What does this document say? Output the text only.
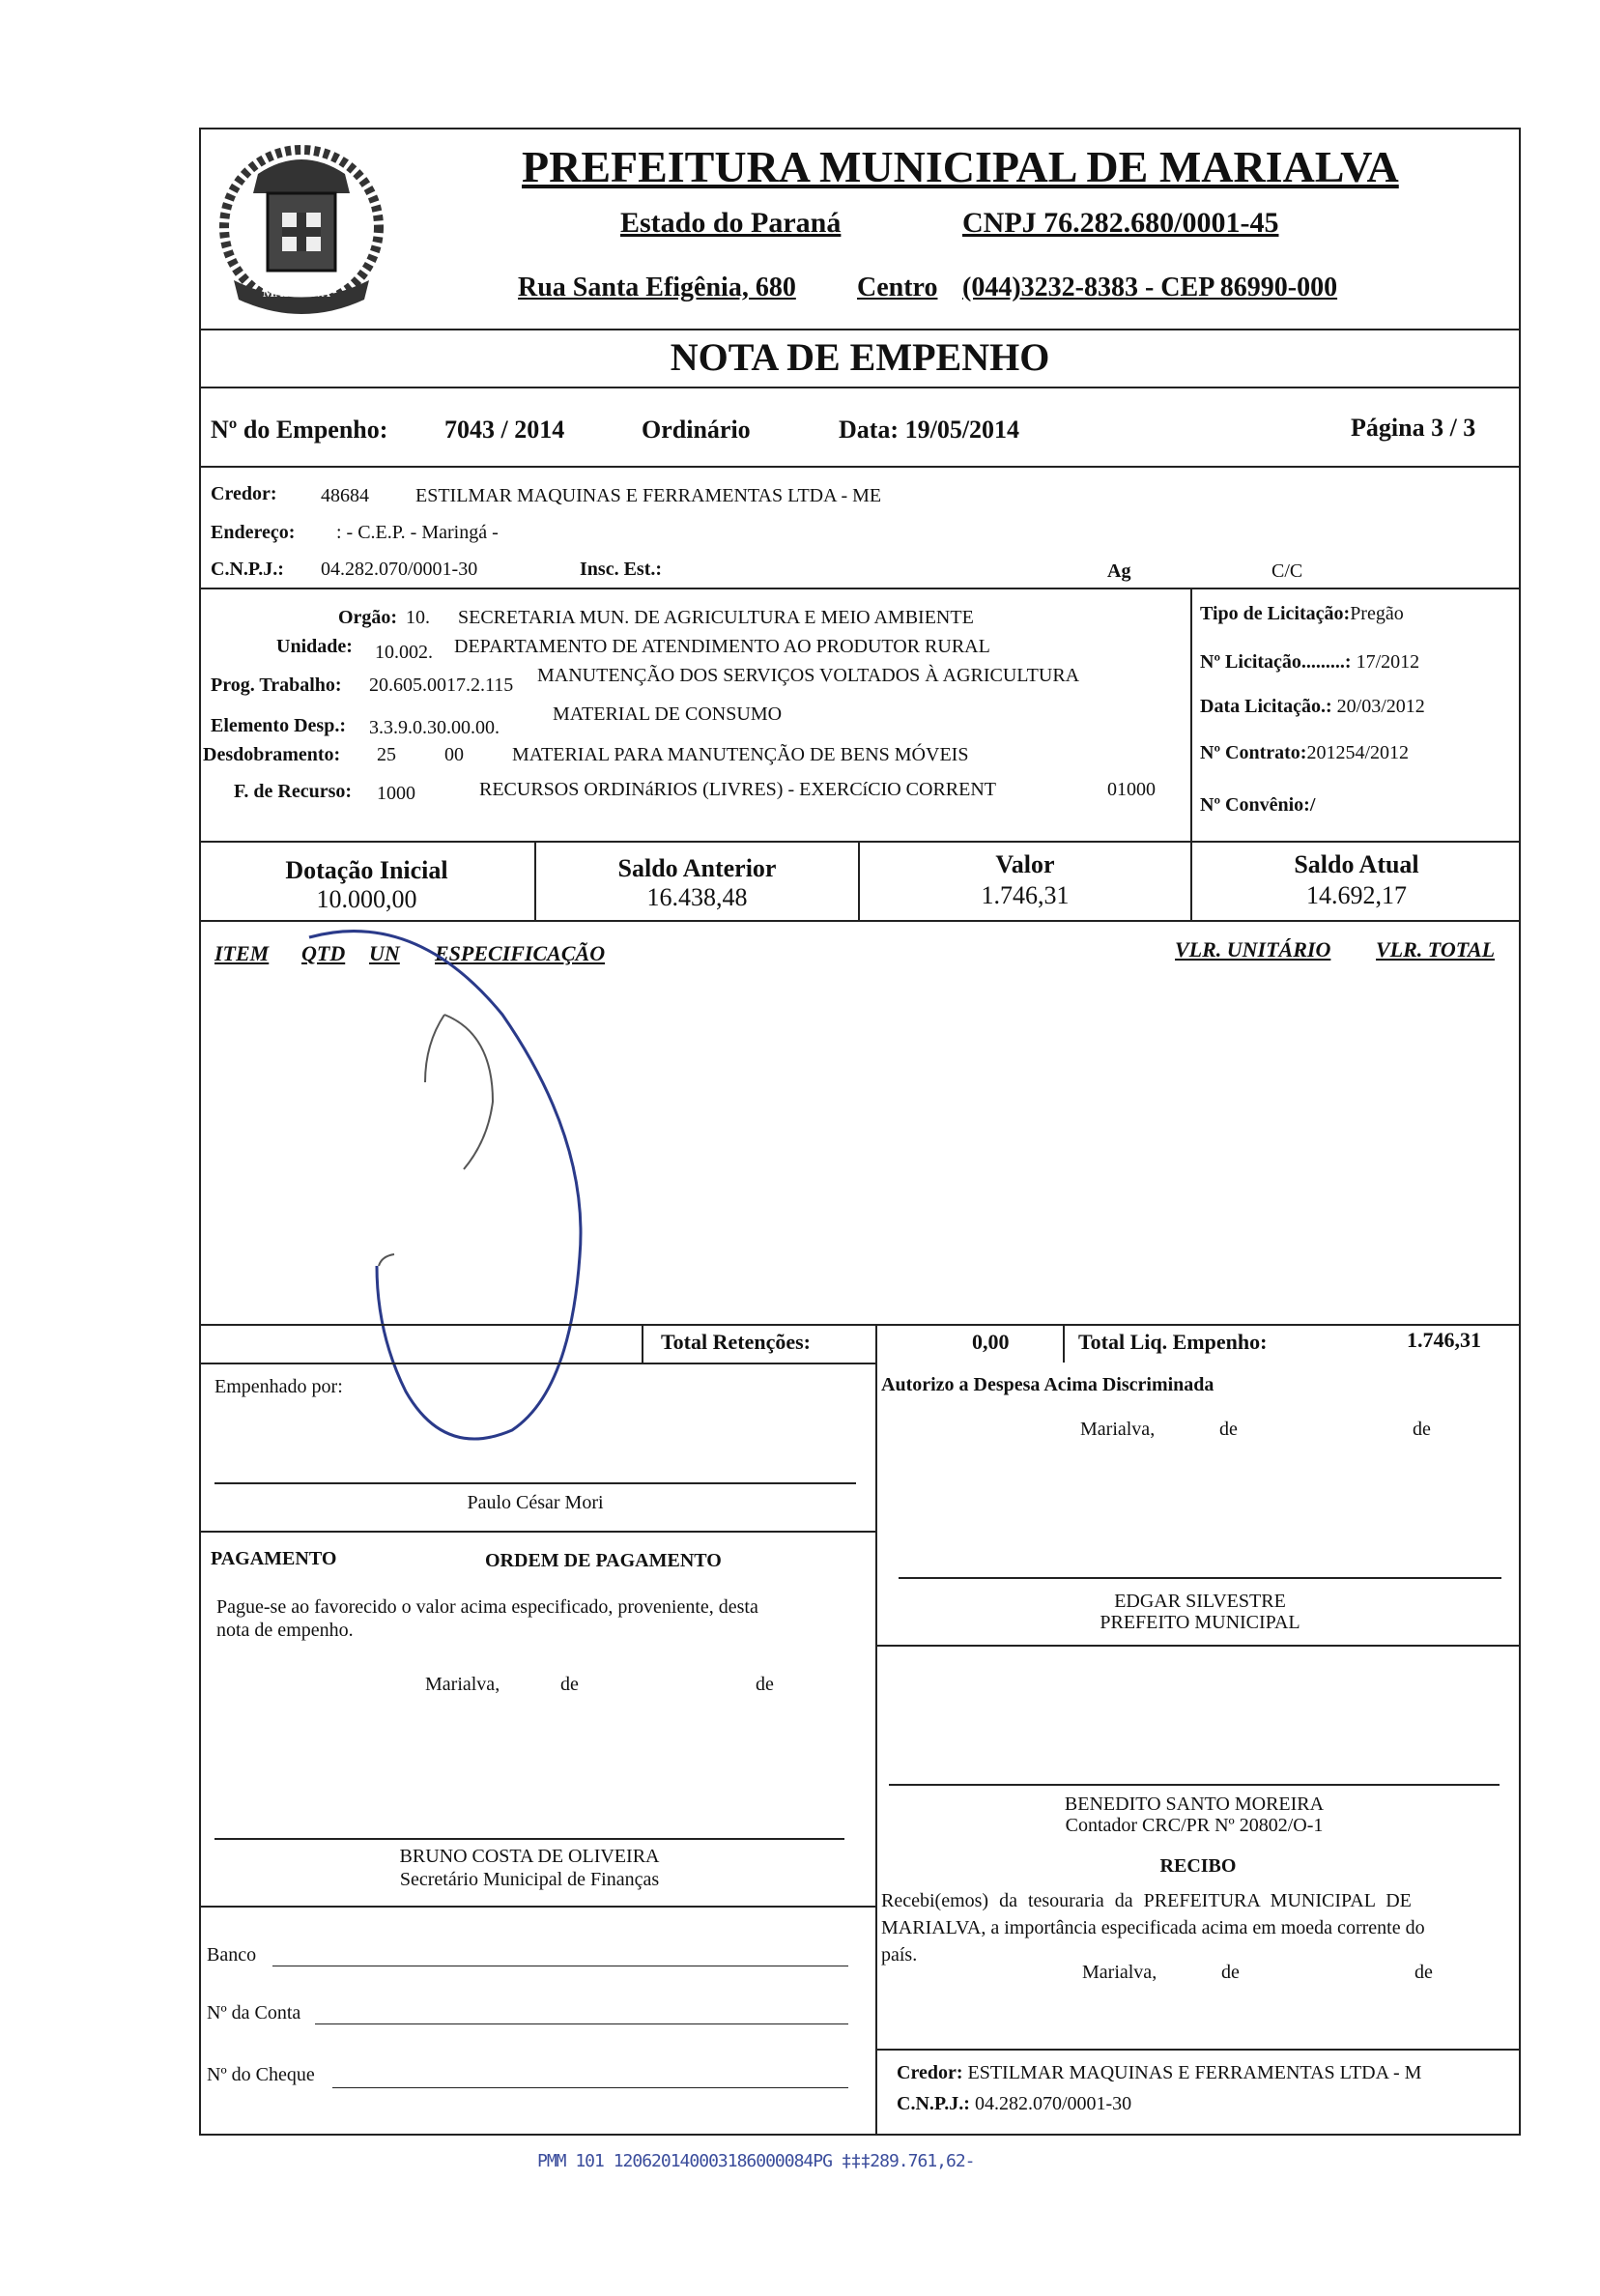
MARIALVA
PREFEITURA MUNICIPAL DE MARIALVA
Estado do Paraná	CNPJ 76.282.680/0001-45
Rua Santa Efigênia, 680 Centro (044)3232-8383 - CEP 86990-000
NOTA DE EMPENHO
Nº do Empenho: 7043 / 2014	Ordinário	Data: 19/05/2014	Página 3 / 3
Credor: 48684 ESTILMAR MAQUINAS E FERRAMENTAS LTDA - ME
Endereço: : - C.E.P. - Maringá -
C.N.P.J.: 04.282.070/0001-30	Insc. Est.:	Ag	C/C
Orgão: 10. SECRETARIA MUN. DE AGRICULTURA E MEIO AMBIENTE
Unidade: 10.002. DEPARTAMENTO DE ATENDIMENTO AO PRODUTOR RURAL
Prog. Trabalho: 20.605.0017.2.115 MANUTENÇÃO DOS SERVIÇOS VOLTADOS À AGRICULTURA
Elemento Desp.: 3.3.9.0.30.00.00.
MATERIAL DE CONSUMO
Desdobramento: 25	00	MATERIAL PARA MANUTENÇÃO DE BENS MÓVEIS
F. de Recurso: 1000	RECURSOS ORDINáRIOS (LIVRES) - EXERCíCIO CORRENT	01000
Tipo de Licitação:Pregão
Nº Licitação.........: 17/2012
Data Licitação.: 20/03/2012
Nº Contrato:201254/2012
Nº Convênio:/
Dotação Inicial
10.000,00
Saldo Anterior
16.438,48
Valor
1.746,31
Saldo Atual
14.692,17
ITEM QTD UN ESPECIFICAÇÃO	VLR. UNITÁRIO VLR. TOTAL
Total Retenções:	0,00	Total Liq. Empenho:	1.746,31
Empenhado por:
Paulo César Mori
Autorizo a Despesa Acima Discriminada
Marialva,	de	de
EDGAR SILVESTRE
PREFEITO MUNICIPAL
PAGAMENTO	ORDEM DE PAGAMENTO
Pague-se ao favorecido o valor acima especificado, proveniente, desta
nota de empenho.
Marialva,	de	de
BRUNO COSTA DE OLIVEIRA
Secretário Municipal de Finanças
BENEDITO SANTO MOREIRA
Contador CRC/PR Nº 20802/O-1
RECIBO
Recebi(emos) da tesouraria da PREFEITURA MUNICIPAL DE
MARIALVA, a importância especificada acima em moeda corrente do
país.
Marialva,	de	de
Credor: ESTILMAR MAQUINAS E FERRAMENTAS LTDA - M
C.N.P.J.: 04.282.070/0001-30
Banco
Nº da Conta
Nº do Cheque
PMM 101 120620140003186000084PG ‡‡‡289.761,62-
